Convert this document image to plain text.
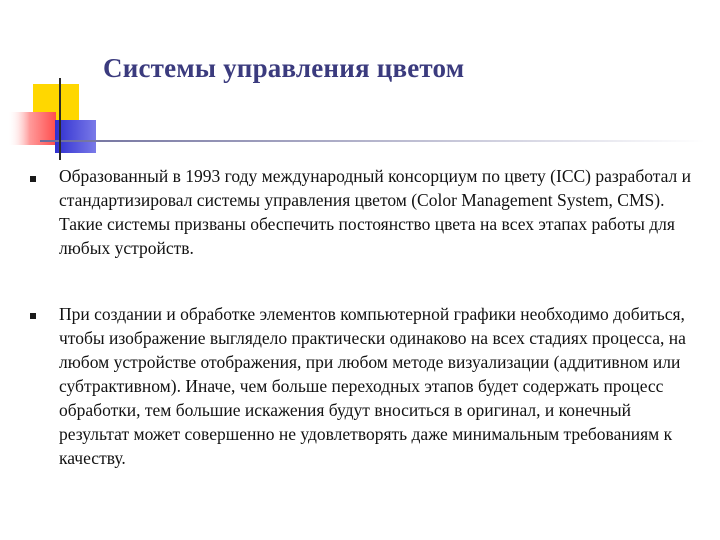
Системы управления цветом
Образованный в 1993 году международный консорциум по цвету (ICC) разработал и стандартизировал системы управления цветом (Color Management System, CMS). Такие системы призваны обеспечить постоянство цвета на всех этапах работы для любых устройств.
При создании и обработке элементов компьютерной графики необходимо добиться, чтобы изображение выглядело практически одинаково на всех стадиях процесса, на любом устройстве отображения, при любом методе визуализации (аддитивном или субтрактивном). Иначе, чем больше переходных этапов будет содержать процесс обработки, тем большие искажения будут вноситься в оригинал, и конечный результат может совершенно не удовлетворять даже минимальным требованиям к качеству.
